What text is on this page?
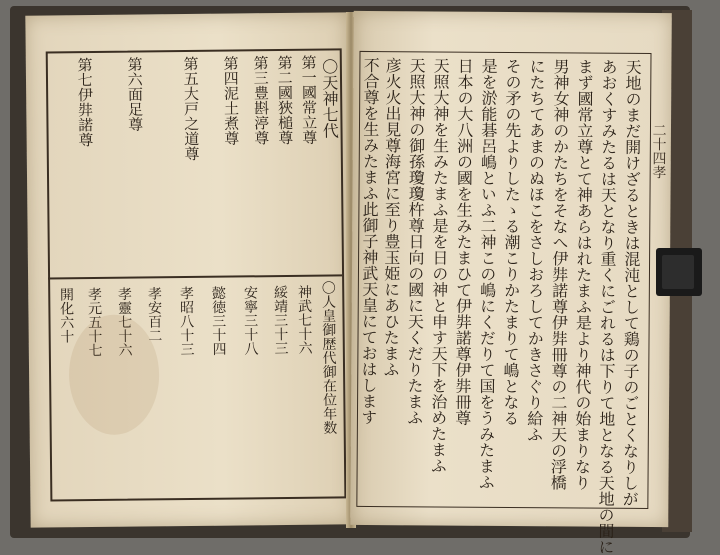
第一國常立尊
第二國狹槌尊
第三豊斟渟尊
第四泥土煮尊
第五大戸之道尊
第六面足尊
第七伊弉諾尊	〇天神七代
〇人皇御歴代御在位年数
神武七十六
綏靖三十三
安寧三十八
懿徳三十四
孝昭八十三
孝安百二
孝靈七十六
孝元五十七
開化六十
二十四孝
天地のまだ開けざるときは混沌として鶏の子のごとくなりしが
あおくすみたるは天となり重くにごれるは下りて地となる天地の間に
まず國常立尊とて神あらはれたまふ是より神代の始まりなり
男神女神のかたちをそなへ伊弉諾尊伊弉冊尊の二神天の浮橋
にたちてあまのぬほこをさしおろしてかきさぐり給ふ
その矛の先よりしたゝる潮こりかたまりて嶋となる
是を淤能碁呂嶋といふ二神この嶋にくだりて国をうみたまふ
日本の大八洲の國を生みたまひて伊弉諾尊伊弉冊尊
天照大神を生みたまふ是を日の神と申す天下を治めたまふ
天照大神の御孫瓊瓊杵尊日向の國に天くだりたまふ
彦火火出見尊海宮に至り豊玉姫にあひたまふ
不合尊を生みたまふ此御子神武天皇にておはします
